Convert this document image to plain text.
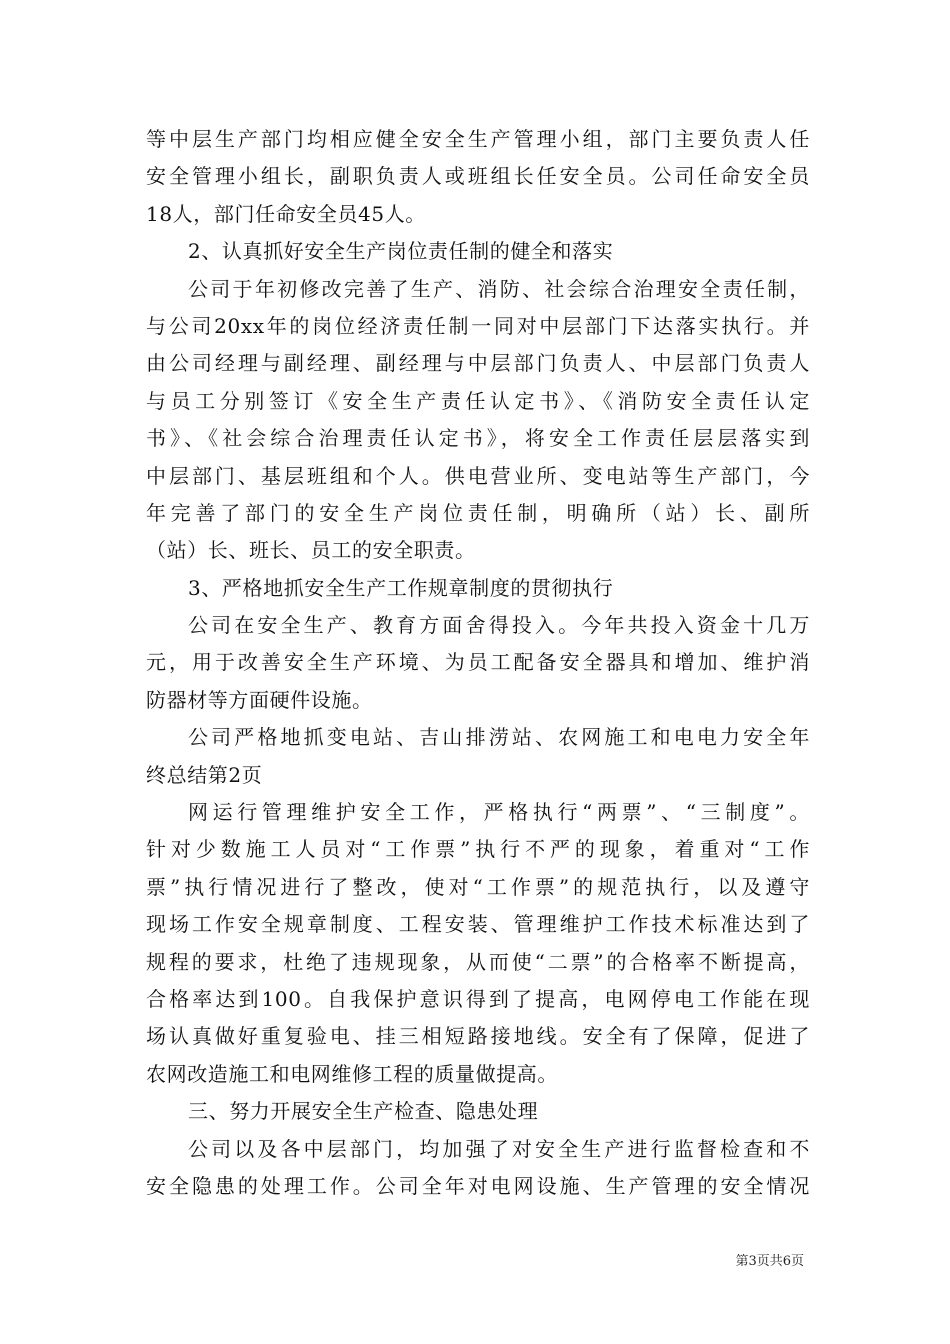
等中层生产部门均相应健全安全生产管理小组，部门主要负责人任
安全管理小组长，副职负责人或班组长任安全员。公司任命安全员
18人，部门任命安全员45人。
2、认真抓好安全生产岗位责任制的健全和落实
公司于年初修改完善了生产、消防、社会综合治理安全责任制，
与公司20xx年的岗位经济责任制一同对中层部门下达落实执行。并
由公司经理与副经理、副经理与中层部门负责人、中层部门负责人
与员工分别签订《安全生产责任认定书》、《消防安全责任认定
书》、《社会综合治理责任认定书》，将安全工作责任层层落实到
中层部门、基层班组和个人。供电营业所、变电站等生产部门，今
年完善了部门的安全生产岗位责任制，明确所（站）长、副所
（站）长、班长、员工的安全职责。
3、严格地抓安全生产工作规章制度的贯彻执行
公司在安全生产、教育方面舍得投入。今年共投入资金十几万
元，用于改善安全生产环境、为员工配备安全器具和增加、维护消
防器材等方面硬件设施。
公司严格地抓变电站、吉山排涝站、农网施工和电电力安全年
终总结第2页
网运行管理维护安全工作，严格执行“两票”、“三制度”。
针对少数施工人员对“工作票”执行不严的现象，着重对“工作
票”执行情况进行了整改，使对“工作票”的规范执行，以及遵守
现场工作安全规章制度、工程安装、管理维护工作技术标准达到了
规程的要求，杜绝了违规现象，从而使“二票”的合格率不断提高，
合格率达到100。自我保护意识得到了提高，电网停电工作能在现
场认真做好重复验电、挂三相短路接地线。安全有了保障，促进了
农网改造施工和电网维修工程的质量做提高。
三、努力开展安全生产检查、隐患处理
公司以及各中层部门，均加强了对安全生产进行监督检查和不
安全隐患的处理工作。公司全年对电网设施、生产管理的安全情况
第3页共6页
